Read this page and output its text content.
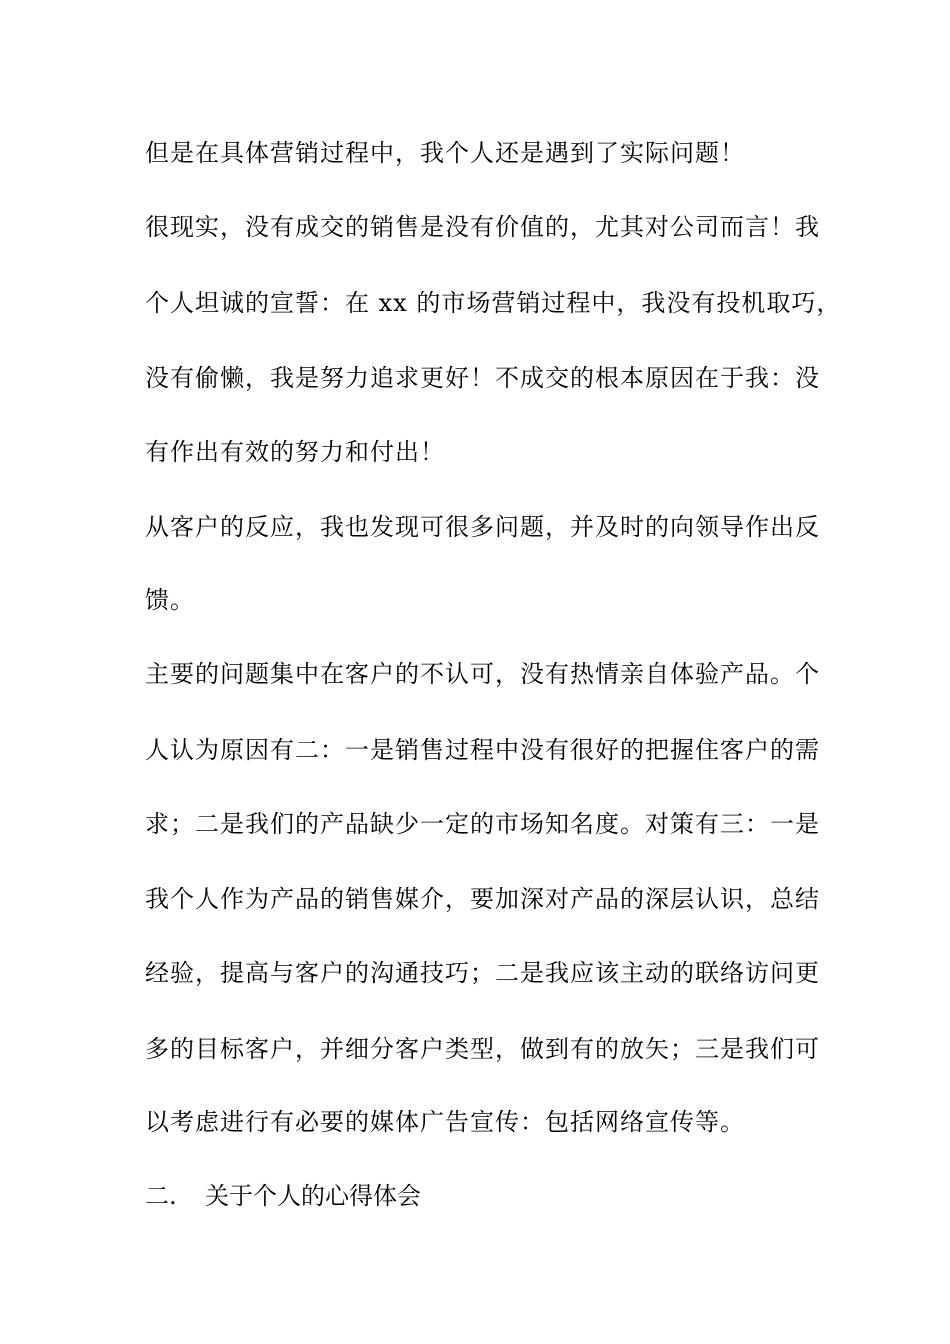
但是在具体营销过程中，我个人还是遇到了实际问题！
很现实，没有成交的销售是没有价值的，尤其对公司而言！我
个人坦诚的宣誓：在 xx 的市场营销过程中，我没有投机取巧，
没有偷懒，我是努力追求更好！不成交的根本原因在于我：没
有作出有效的努力和付出！
从客户的反应，我也发现可很多问题，并及时的向领导作出反
馈。
主要的问题集中在客户的不认可，没有热情亲自体验产品。个
人认为原因有二：一是销售过程中没有很好的把握住客户的需
求；二是我们的产品缺少一定的市场知名度。对策有三：一是
我个人作为产品的销售媒介，要加深对产品的深层认识，总结
经验，提高与客户的沟通技巧；二是我应该主动的联络访问更
多的目标客户，并细分客户类型，做到有的放矢；三是我们可
以考虑进行有必要的媒体广告宣传：包括网络宣传等。
二. 关于个人的心得体会
